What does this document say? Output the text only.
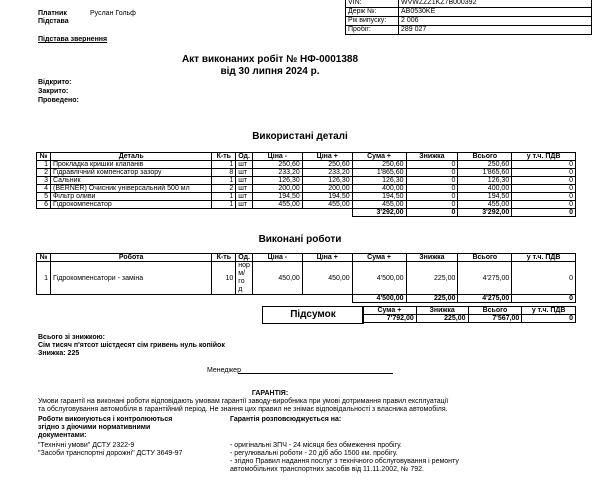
Платник	Руслан Гольф
Підстава
Підстава звернення
VIN:	WVWZZZ1KZ7B000392
Держ №:	AB0530KE
Рік випуску:	2 006
Пробіг:	289 027
Акт виконаних робіт № НФ-0001388
від 30 липня 2024 р.
Відкрито:
Закрито:
Проведено:
Використані деталі
№	Деталь	К-ть	Од.	Ціна -	Ціна +	Сума +	Знижка	Всього	у т.ч. ПДВ
1	Прокладка кришки клапанів	1	шт	250,60	250,60	250,60	0	250,60	0
2	Гідравлічний компенсатор зазору	8	шт	233,20	233,20	1'865,60	0	1'865,60	0
3	Сальник	1	шт	126,30	126,30	126,30	0	126,30	0
4	(BERNER) Очисник універсальний 500 мл	2	шт	200,00	200,00	400,00	0	400,00	0
5	Фільтр оливи	1	шт	194,50	194,50	194,50	0	194,50	0
6	Гідрокомпенсатор	1	шт	455,00	455,00	455,00	0	455,00	0
						3'292,00	0	3'292,00	0
Виконані роботи
№	Робота	К-ть	Од.	Ціна -	Ціна +	Сума +	Знижка	Всього	у т.ч. ПДВ
1	Гідрокомпенсатори - заміна	10	нор
м/го
д	450,00	450,00	4'500,00	225,00	4'275,00	0
						4'500,00	225,00	4'275,00	0
Підсумок	Сума +	Знижка	Всього	у т.ч. ПДВ
7'792,00	225,00	7'567,00	0
Всього зі знижкою:
Сім тисяч п'ятсот шістдесят сім гривень нуль копійок
Знижка: 225
Менеджер
ГАРАНТІЯ:
Умови гарантії на виконані роботи відповідають умовам гарантії заводу-виробника при умові дотримання правил експлуатації
та обслуговування автомобіля в гарантійний період. Не знання цих правил не знімає відповідальності з власника автомобіля.
Роботи виконуються і контролюються
згідно з діючими нормативними
документами:
"Технічні умови" ДСТУ 2322-9
"Засоби транспортні дорожні" ДСТУ 3649-97
Гарантія розповсюджується на:
- оригінальні ЗПЧ - 24 місяця без обмеження пробігу.
- регулювальні роботи - 20 діб або 1500 км. пробігу.
- згідно Правил надання послуг з технічного обслуговування і ремонту
автомобільних транспортних засобів від 11.11.2002, № 792.
